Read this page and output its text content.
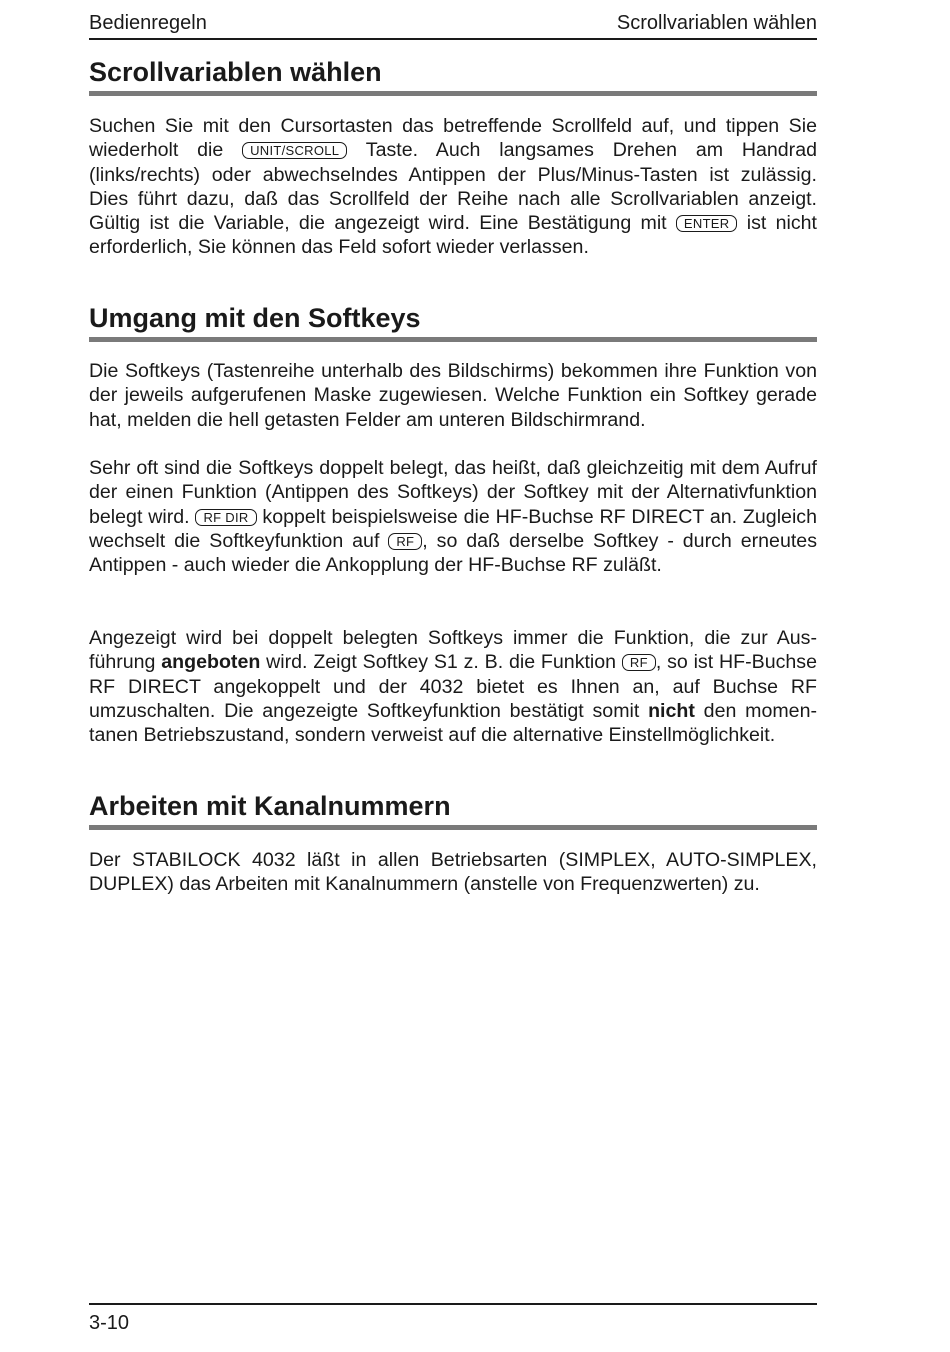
Bedienregeln	Scrollvariablen wählen
Scrollvariablen wählen

Suchen Sie mit den Cursortasten das betreffende Scrollfeld auf, und tippen Sie wiederholt die UNIT/SCROLL Taste. Auch langsames Drehen am Handrad (links/rechts) oder abwechselndes Antippen der Plus/Minus-Tasten ist zulässig. Dies führt dazu, daß das Scrollfeld der Reihe nach alle Scrollvariablen anzeigt. Gültig ist die Variable, die angezeigt wird. Eine Bestätigung mit ENTER ist nicht erforderlich, Sie können das Feld sofort wieder verlassen.

Umgang mit den Softkeys

Die Softkeys (Tastenreihe unterhalb des Bildschirms) bekommen ihre Funktion von der jeweils aufgerufenen Maske zugewiesen. Welche Funktion ein Softkey gerade hat, melden die hell getasten Felder am unteren Bildschirmrand.

Sehr oft sind die Softkeys doppelt belegt, das heißt, daß gleichzeitig mit dem Aufruf der einen Funktion (Antippen des Softkeys) der Softkey mit der Alternativfunktion belegt wird. RF DIR koppelt beispielsweise die HF-Buchse RF DIRECT an. Zugleich wechselt die Softkeyfunktion auf RF , so daß derselbe Softkey - durch erneutes Antippen - auch wieder die Ankopplung der HF-Buchse RF zuläßt.

Angezeigt wird bei doppelt belegten Softkeys immer die Funktion, die zur Ausführung angeboten wird. Zeigt Softkey S1 z. B. die Funktion RF , so ist HF-Buchse RF DIRECT angekoppelt und der 4032 bietet es Ihnen an, auf Buchse RF umzuschalten. Die angezeigte Softkeyfunktion bestätigt somit nicht den momentanen Betriebszustand, sondern verweist auf die alternative Einstellmöglichkeit.

Arbeiten mit Kanalnummern

Der STABILOCK 4032 läßt in allen Betriebsarten (SIMPLEX, AUTO-SIMPLEX, DUPLEX) das Arbeiten mit Kanalnummern (anstelle von Frequenzwerten) zu.

3-10
